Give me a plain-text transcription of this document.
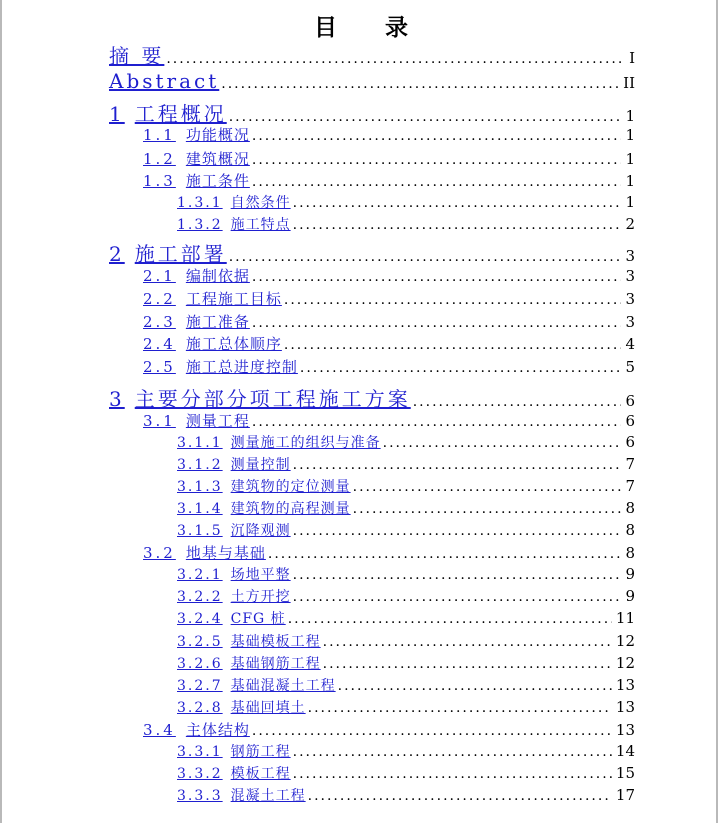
目 录
摘 要 .....	I
Abstract .....	II
1 工程概况 .....	1
1.1 功能概况 .....	1
1.2 建筑概况 .....	1
1.3 施工条件 .....	1
1.3.1 自然条件 .....	1
1.3.2 施工特点 .....	2
2 施工部署 .....	3
2.1 编制依据 .....	3
2.2 工程施工目标 .....	3
2.3 施工准备 .....	3
2.4 施工总体顺序 .....	4
2.5 施工总进度控制 .....	5
3 主要分部分项工程施工方案 .....	6
3.1 测量工程 .....	6
3.1.1 测量施工的组织与准备 .....	6
3.1.2 测量控制 .....	7
3.1.3 建筑物的定位测量 .....	7
3.1.4 建筑物的高程测量 .....	8
3.1.5 沉降观测 .....	8
3.2 地基与基础 .....	8
3.2.1 场地平整 .....	9
3.2.2 土方开挖 .....	9
3.2.4 CFG 桩 .....	11
3.2.5 基础模板工程 .....	12
3.2.6 基础钢筋工程 .....	12
3.2.7 基础混凝土工程 .....	13
3.2.8 基础回填土 .....	13
3.4 主体结构 .....	13
3.3.1 钢筋工程 .....	14
3.3.2 模板工程 .....	15
3.3.3 混凝土工程 .....	17
